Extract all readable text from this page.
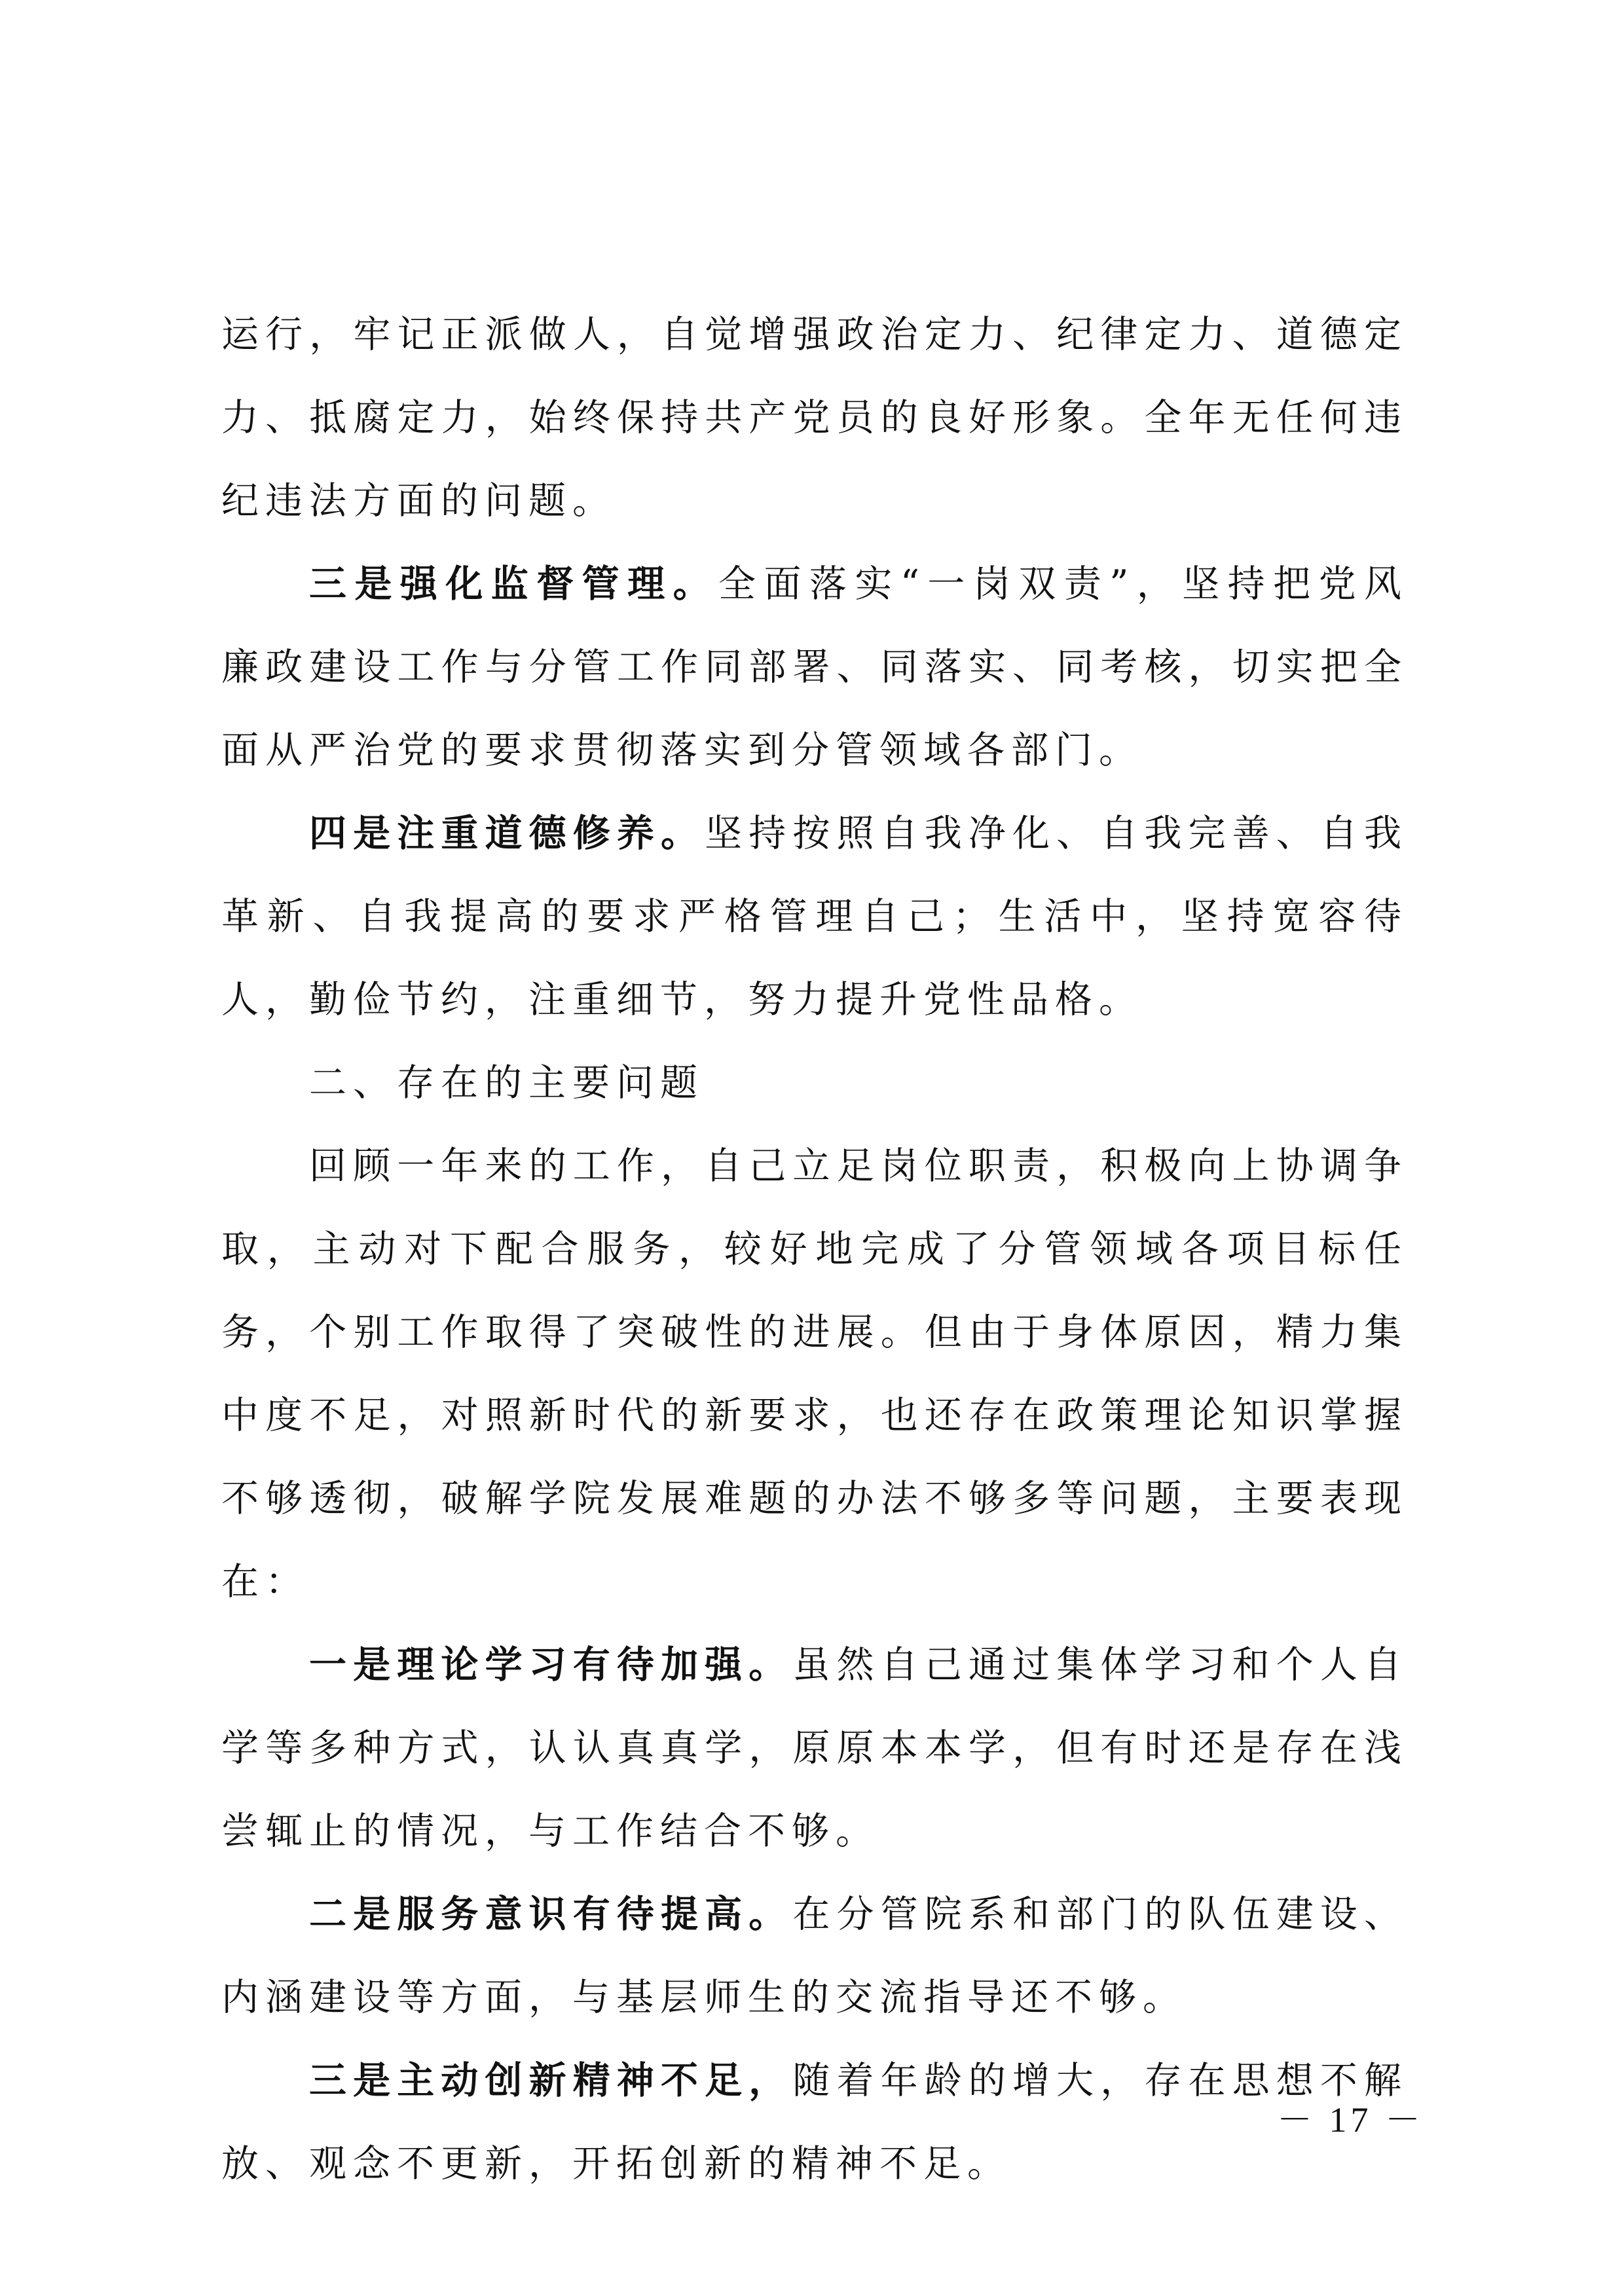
运行，牢记正派做人，自觉增强政治定力、纪律定力、道德定力、抵腐定力，始终保持共产党员的良好形象。全年无任何违纪违法方面的问题。

三是强化监督管理。全面落实“一岗双责”，坚持把党风廉政建设工作与分管工作同部署、同落实、同考核，切实把全面从严治党的要求贯彻落实到分管领域各部门。

四是注重道德修养。坚持按照自我净化、自我完善、自我革新、自我提高的要求严格管理自己；生活中，坚持宽容待人，勤俭节约，注重细节，努力提升党性品格。

二、存在的主要问题

回顾一年来的工作，自己立足岗位职责，积极向上协调争取，主动对下配合服务，较好地完成了分管领域各项目标任务，个别工作取得了突破性的进展。但由于身体原因，精力集中度不足，对照新时代的新要求，也还存在政策理论知识掌握不够透彻，破解学院发展难题的办法不够多等问题，主要表现在：

一是理论学习有待加强。虽然自己通过集体学习和个人自学等多种方式，认认真真学，原原本本学，但有时还是存在浅尝辄止的情况，与工作结合不够。

二是服务意识有待提高。在分管院系和部门的队伍建设、内涵建设等方面，与基层师生的交流指导还不够。

三是主动创新精神不足，随着年龄的增大，存在思想不解放、观念不更新，开拓创新的精神不足。

－ 17 －
